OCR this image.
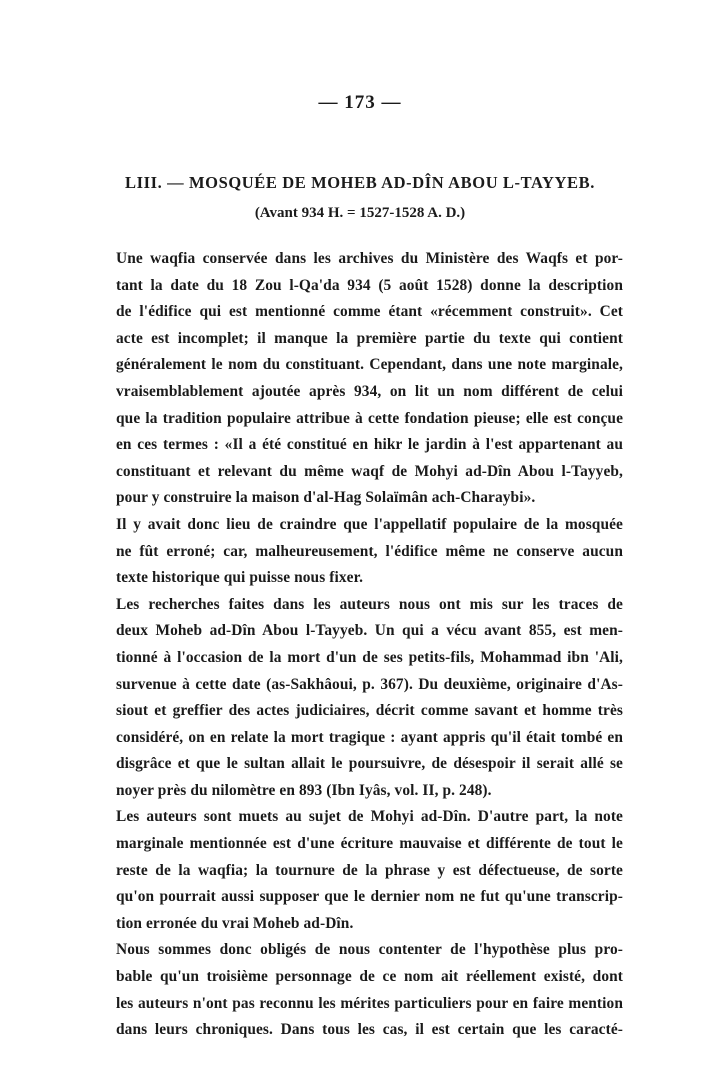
— 173 —
LIII. — MOSQUÉE DE MOHEB AD-DÎN ABOU L-TAYYEB.
(Avant 934 H. = 1527-1528 A. D.)
Une waqfia conservée dans les archives du Ministère des Waqfs et por-
tant la date du 18 Zou l-Qa'da 934 (5 août 1528) donne la description
de l'édifice qui est mentionné comme étant «récemment construit». Cet
acte est incomplet; il manque la première partie du texte qui contient
généralement le nom du constituant. Cependant, dans une note marginale,
vraisemblablement ajoutée après 934, on lit un nom différent de celui
que la tradition populaire attribue à cette fondation pieuse; elle est conçue
en ces termes : «Il a été constitué en hikr le jardin à l'est appartenant au
constituant et relevant du même waqf de Mohyi ad-Dîn Abou l-Tayyeb,
pour y construire la maison d'al-Hag Solaïmân ach-Charaybi».
Il y avait donc lieu de craindre que l'appellatif populaire de la mosquée
ne fût erroné; car, malheureusement, l'édifice même ne conserve aucun
texte historique qui puisse nous fixer.
Les recherches faites dans les auteurs nous ont mis sur les traces de
deux Moheb ad-Dîn Abou l-Tayyeb. Un qui a vécu avant 855, est men-
tionné à l'occasion de la mort d'un de ses petits-fils, Mohammad ibn 'Ali,
survenue à cette date (as-Sakhâoui, p. 367). Du deuxième, originaire d'As-
siout et greffier des actes judiciaires, décrit comme savant et homme très
considéré, on en relate la mort tragique : ayant appris qu'il était tombé en
disgrâce et que le sultan allait le poursuivre, de désespoir il serait allé se
noyer près du nilomètre en 893 (Ibn Iyâs, vol. II, p. 248).
Les auteurs sont muets au sujet de Mohyi ad-Dîn. D'autre part, la note
marginale mentionnée est d'une écriture mauvaise et différente de tout le
reste de la waqfia; la tournure de la phrase y est défectueuse, de sorte
qu'on pourrait aussi supposer que le dernier nom ne fut qu'une transcrip-
tion erronée du vrai Moheb ad-Dîn.
Nous sommes donc obligés de nous contenter de l'hypothèse plus pro-
bable qu'un troisième personnage de ce nom ait réellement existé, dont
les auteurs n'ont pas reconnu les mérites particuliers pour en faire mention
dans leurs chroniques. Dans tous les cas, il est certain que les caracté-
